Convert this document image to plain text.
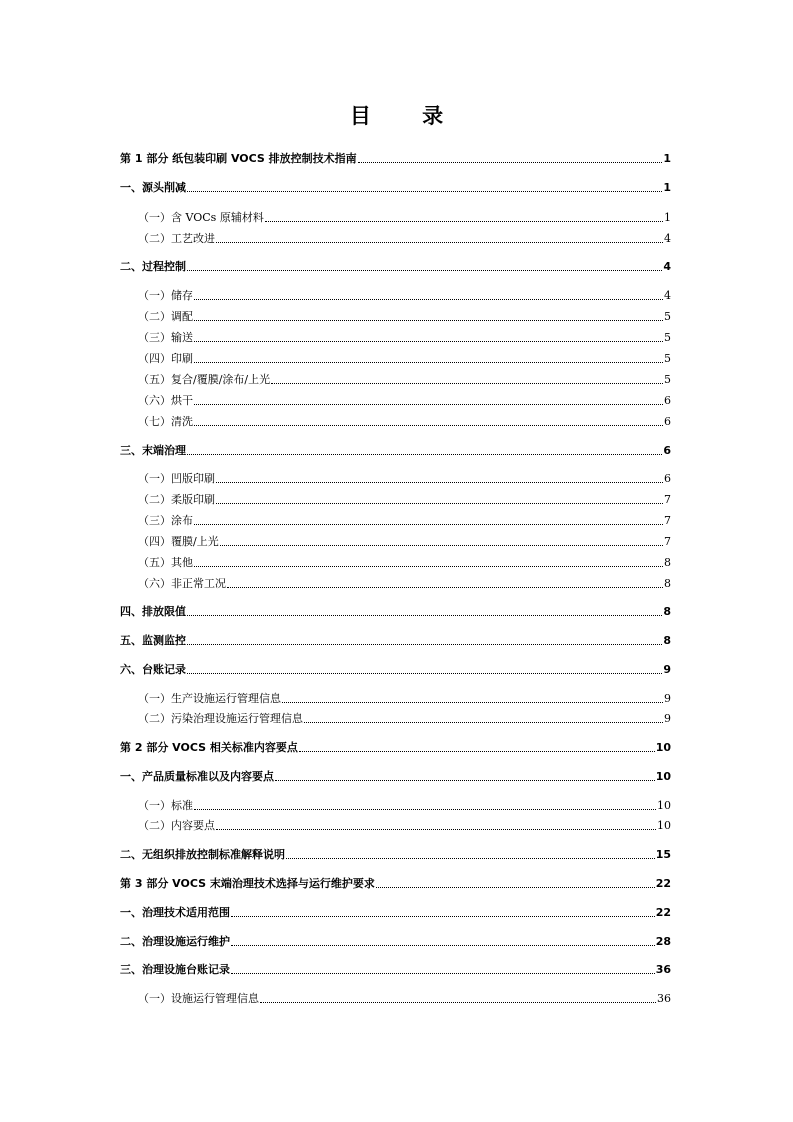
目 录
第 1 部分 纸包装印刷 VOCS 排放控制技术指南	1
一、源头削减	1
（一）含 VOCs 原辅材料	1
（二）工艺改进	4
二、过程控制	4
（一）储存	4
（二）调配	5
（三）输送	5
（四）印刷	5
（五）复合/覆膜/涂布/上光	5
（六）烘干	6
（七）清洗	6
三、末端治理	6
（一）凹版印刷	6
（二）柔版印刷	7
（三）涂布	7
（四）覆膜/上光	7
（五）其他	8
（六）非正常工况	8
四、排放限值	8
五、监测监控	8
六、台账记录	9
（一）生产设施运行管理信息	9
（二）污染治理设施运行管理信息	9
第 2 部分 VOCS 相关标准内容要点	10
一、产品质量标准以及内容要点	10
（一）标准	10
（二）内容要点	10
二、无组织排放控制标准解释说明	15
第 3 部分 VOCS 末端治理技术选择与运行维护要求	22
一、治理技术适用范围	22
二、治理设施运行维护	28
三、治理设施台账记录	36
（一）设施运行管理信息	36
